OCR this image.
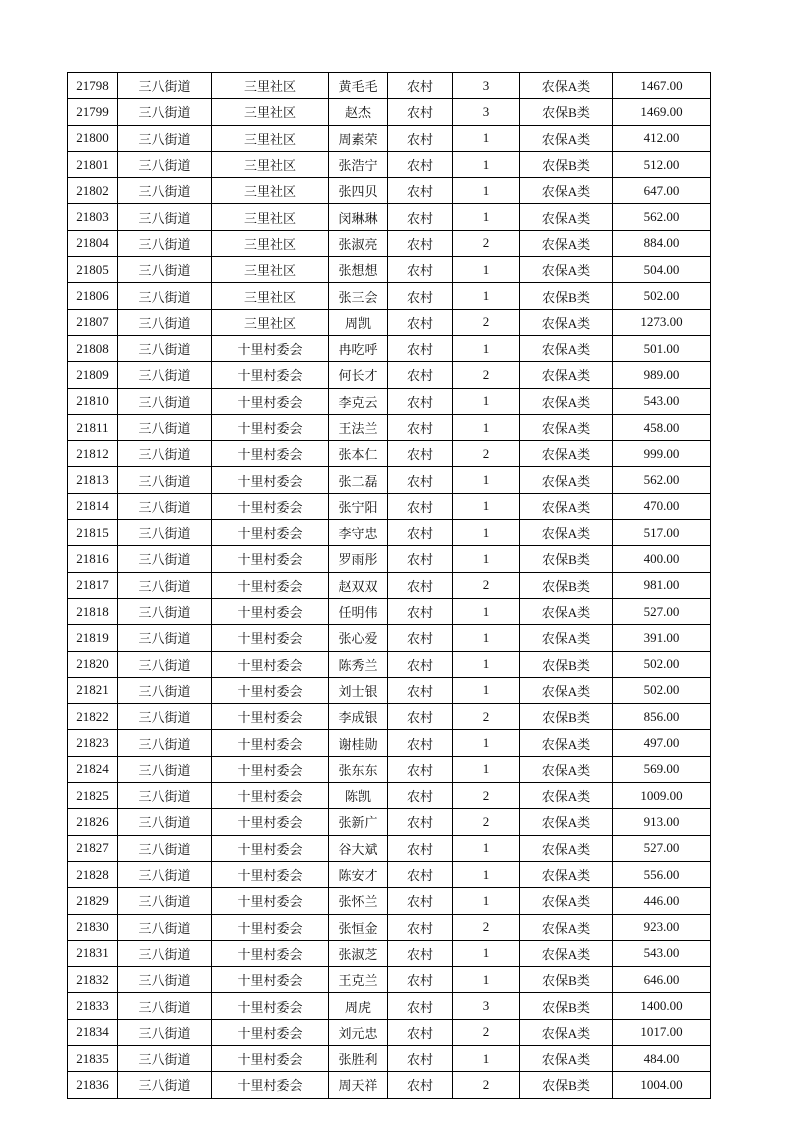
21798	三八街道	三里社区	黄毛毛	农村	3	农保A类	1467.00
21799	三八街道	三里社区	赵杰	农村	3	农保B类	1469.00
21800	三八街道	三里社区	周素荣	农村	1	农保A类	412.00
21801	三八街道	三里社区	张浩宁	农村	1	农保B类	512.00
21802	三八街道	三里社区	张四贝	农村	1	农保A类	647.00
21803	三八街道	三里社区	闵琳琳	农村	1	农保A类	562.00
21804	三八街道	三里社区	张淑亮	农村	2	农保A类	884.00
21805	三八街道	三里社区	张想想	农村	1	农保A类	504.00
21806	三八街道	三里社区	张三会	农村	1	农保B类	502.00
21807	三八街道	三里社区	周凯	农村	2	农保A类	1273.00
21808	三八街道	十里村委会	冉吃呼	农村	1	农保A类	501.00
21809	三八街道	十里村委会	何长才	农村	2	农保A类	989.00
21810	三八街道	十里村委会	李克云	农村	1	农保A类	543.00
21811	三八街道	十里村委会	王法兰	农村	1	农保A类	458.00
21812	三八街道	十里村委会	张本仁	农村	2	农保A类	999.00
21813	三八街道	十里村委会	张二磊	农村	1	农保A类	562.00
21814	三八街道	十里村委会	张宁阳	农村	1	农保A类	470.00
21815	三八街道	十里村委会	李守忠	农村	1	农保A类	517.00
21816	三八街道	十里村委会	罗雨彤	农村	1	农保B类	400.00
21817	三八街道	十里村委会	赵双双	农村	2	农保B类	981.00
21818	三八街道	十里村委会	任明伟	农村	1	农保A类	527.00
21819	三八街道	十里村委会	张心爱	农村	1	农保A类	391.00
21820	三八街道	十里村委会	陈秀兰	农村	1	农保B类	502.00
21821	三八街道	十里村委会	刘士银	农村	1	农保A类	502.00
21822	三八街道	十里村委会	李成银	农村	2	农保B类	856.00
21823	三八街道	十里村委会	谢桂勋	农村	1	农保A类	497.00
21824	三八街道	十里村委会	张东东	农村	1	农保A类	569.00
21825	三八街道	十里村委会	陈凯	农村	2	农保A类	1009.00
21826	三八街道	十里村委会	张新广	农村	2	农保A类	913.00
21827	三八街道	十里村委会	谷大斌	农村	1	农保A类	527.00
21828	三八街道	十里村委会	陈安才	农村	1	农保A类	556.00
21829	三八街道	十里村委会	张怀兰	农村	1	农保A类	446.00
21830	三八街道	十里村委会	张恒金	农村	2	农保A类	923.00
21831	三八街道	十里村委会	张淑芝	农村	1	农保A类	543.00
21832	三八街道	十里村委会	王克兰	农村	1	农保B类	646.00
21833	三八街道	十里村委会	周虎	农村	3	农保B类	1400.00
21834	三八街道	十里村委会	刘元忠	农村	2	农保A类	1017.00
21835	三八街道	十里村委会	张胜利	农村	1	农保A类	484.00
21836	三八街道	十里村委会	周天祥	农村	2	农保B类	1004.00
